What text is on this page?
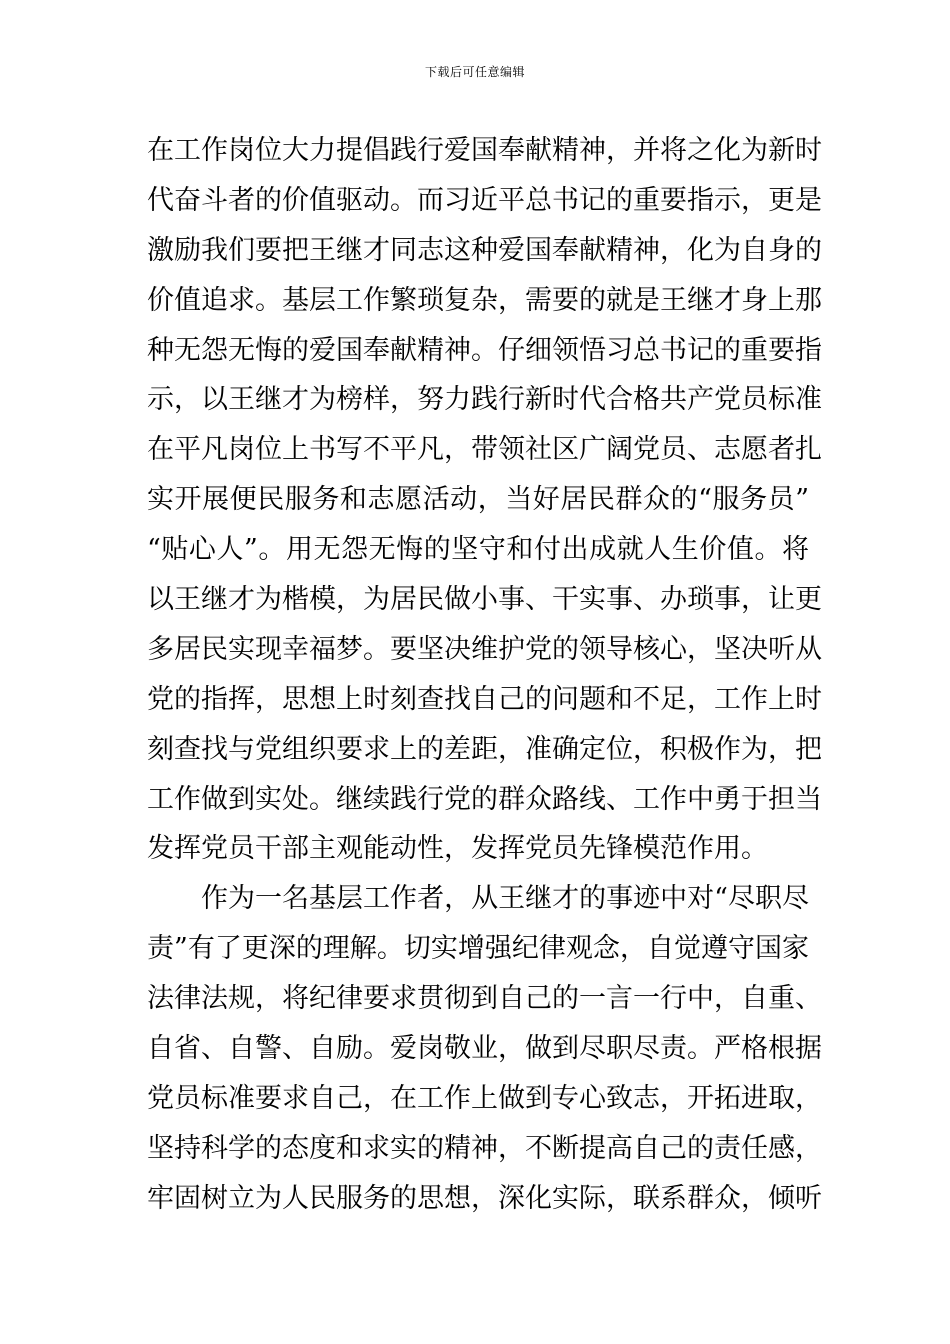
下载后可任意编辑
在工作岗位大力提倡践行爱国奉献精神，并将之化为新时
代奋斗者的价值驱动。而习近平总书记的重要指示，更是
激励我们要把王继才同志这种爱国奉献精神，化为自身的
价值追求。基层工作繁琐复杂，需要的就是王继才身上那
种无怨无悔的爱国奉献精神。仔细领悟习总书记的重要指
示，以王继才为榜样，努力践行新时代合格共产党员标准
在平凡岗位上书写不平凡，带领社区广阔党员、志愿者扎
实开展便民服务和志愿活动，当好居民群众的“服务员”
“贴心人”。用无怨无悔的坚守和付出成就人生价值。将
以王继才为楷模，为居民做小事、干实事、办琐事，让更
多居民实现幸福梦。要坚决维护党的领导核心，坚决听从
党的指挥，思想上时刻查找自己的问题和不足，工作上时
刻查找与党组织要求上的差距，准确定位，积极作为，把
工作做到实处。继续践行党的群众路线、工作中勇于担当
发挥党员干部主观能动性，发挥党员先锋模范作用。
作为一名基层工作者，从王继才的事迹中对“尽职尽
责”有了更深的理解。切实增强纪律观念，自觉遵守国家
法律法规，将纪律要求贯彻到自己的一言一行中，自重、
自省、自警、自励。爱岗敬业，做到尽职尽责。严格根据
党员标准要求自己，在工作上做到专心致志，开拓进取，
坚持科学的态度和求实的精神，不断提高自己的责任感，
牢固树立为人民服务的思想，深化实际，联系群众，倾听
